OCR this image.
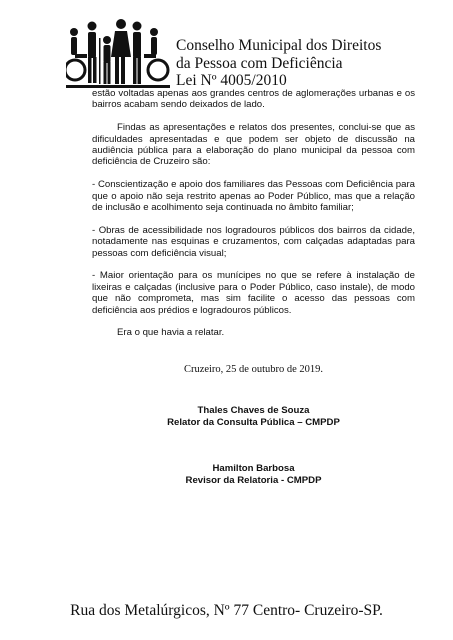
Conselho Municipal dos Direitos
da Pessoa com Deficiência
Lei Nº 4005/2010

estão voltadas apenas aos grandes centros de aglomerações urbanas e os bairros acabam sendo deixados de lado.

Findas as apresentações e relatos dos presentes, conclui-se que as dificuldades apresentadas e que podem ser objeto de discussão na audiência pública para a elaboração do plano municipal da pessoa com deficiência de Cruzeiro são:

- Conscientização e apoio dos familiares das Pessoas com Deficiência para que o apoio não seja restrito apenas ao Poder Público, mas que a relação de inclusão e acolhimento seja continuada no âmbito familiar;

- Obras de acessibilidade nos logradouros públicos dos bairros da cidade, notadamente nas esquinas e cruzamentos, com calçadas adaptadas para pessoas com deficiência visual;

- Maior orientação para os munícipes no que se refere à instalação de lixeiras e calçadas (inclusive para o Poder Público, caso instale), de modo que não comprometa, mas sim facilite o acesso das pessoas com deficiência aos prédios e logradouros públicos.

Era o que havia a relatar.

Cruzeiro, 25 de outubro de 2019.
Thales Chaves de Souza
Relator da Consulta Pública – CMPDP
Hamilton Barbosa
Revisor da Relatoria - CMPDP
Rua dos Metalúrgicos, Nº 77 Centro- Cruzeiro-SP.
